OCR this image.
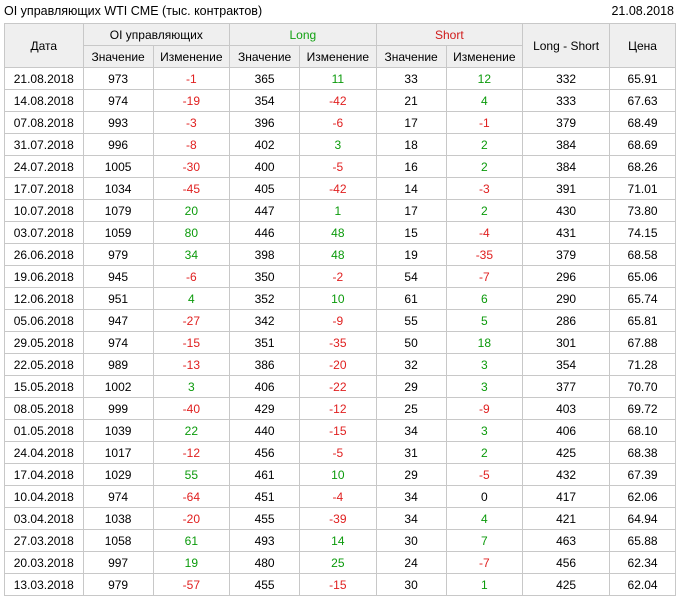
OI управляющих WTI CME (тыс. контрактов)	21.08.2018
Дата	OI управляющих		Long		Short		Long - Short	Цена
	Значение	Изменение	Значение	Изменение	Значение	Изменение		
21.08.2018	973	-1	365	11	33	12	332	65.91
14.08.2018	974	-19	354	-42	21	4	333	67.63
07.08.2018	993	-3	396	-6	17	-1	379	68.49
31.07.2018	996	-8	402	3	18	2	384	68.69
24.07.2018	1005	-30	400	-5	16	2	384	68.26
17.07.2018	1034	-45	405	-42	14	-3	391	71.01
10.07.2018	1079	20	447	1	17	2	430	73.80
03.07.2018	1059	80	446	48	15	-4	431	74.15
26.06.2018	979	34	398	48	19	-35	379	68.58
19.06.2018	945	-6	350	-2	54	-7	296	65.06
12.06.2018	951	4	352	10	61	6	290	65.74
05.06.2018	947	-27	342	-9	55	5	286	65.81
29.05.2018	974	-15	351	-35	50	18	301	67.88
22.05.2018	989	-13	386	-20	32	3	354	71.28
15.05.2018	1002	3	406	-22	29	3	377	70.70
08.05.2018	999	-40	429	-12	25	-9	403	69.72
01.05.2018	1039	22	440	-15	34	3	406	68.10
24.04.2018	1017	-12	456	-5	31	2	425	68.38
17.04.2018	1029	55	461	10	29	-5	432	67.39
10.04.2018	974	-64	451	-4	34	0	417	62.06
03.04.2018	1038	-20	455	-39	34	4	421	64.94
27.03.2018	1058	61	493	14	30	7	463	65.88
20.03.2018	997	19	480	25	24	-7	456	62.34
13.03.2018	979	-57	455	-15	30	1	425	62.04
